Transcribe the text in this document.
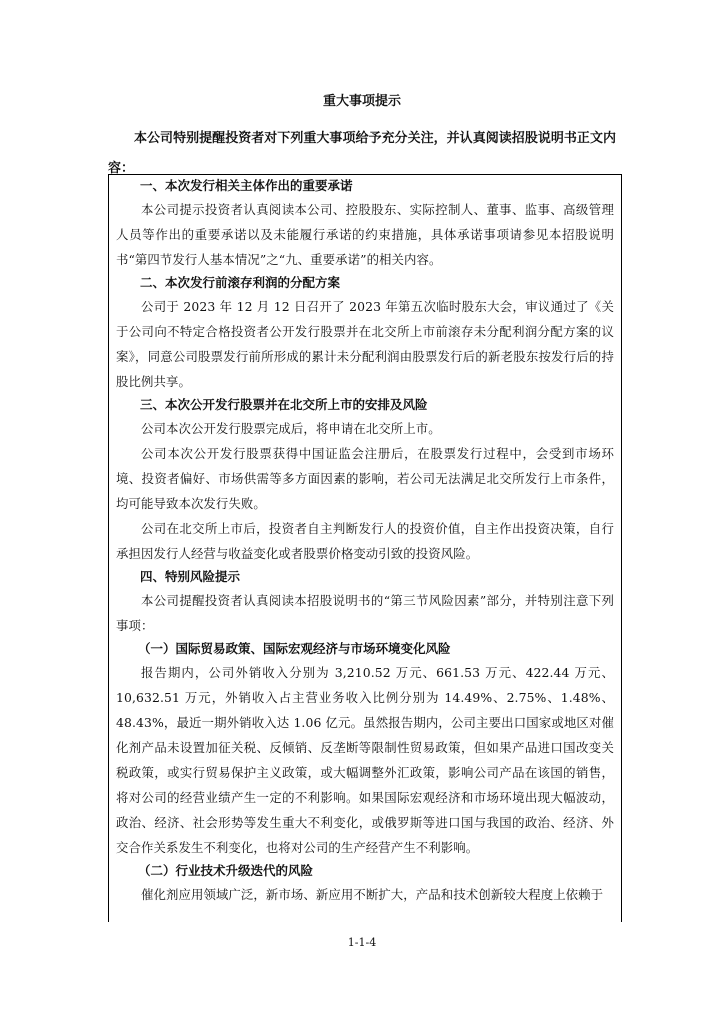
重大事项提示
本公司特别提醒投资者对下列重大事项给予充分关注，并认真阅读招股说明书正文内容：
一、本次发行相关主体作出的重要承诺
本公司提示投资者认真阅读本公司、控股股东、实际控制人、董事、监事、高级管理人员等作出的重要承诺以及未能履行承诺的约束措施，具体承诺事项请参见本招股说明书“第四节发行人基本情况”之“九、重要承诺”的相关内容。
二、本次发行前滚存利润的分配方案
公司于 2023 年 12 月 12 日召开了 2023 年第五次临时股东大会，审议通过了《关于公司向不特定合格投资者公开发行股票并在北交所上市前滚存未分配利润分配方案的议案》，同意公司股票发行前所形成的累计未分配利润由股票发行后的新老股东按发行后的持股比例共享。
三、本次公开发行股票并在北交所上市的安排及风险
公司本次公开发行股票完成后，将申请在北交所上市。
公司本次公开发行股票获得中国证监会注册后，在股票发行过程中，会受到市场环境、投资者偏好、市场供需等多方面因素的影响，若公司无法满足北交所发行上市条件，均可能导致本次发行失败。
公司在北交所上市后，投资者自主判断发行人的投资价值，自主作出投资决策，自行承担因发行人经营与收益变化或者股票价格变动引致的投资风险。
四、特别风险提示
本公司提醒投资者认真阅读本招股说明书的“第三节风险因素”部分，并特别注意下列事项：
（一）国际贸易政策、国际宏观经济与市场环境变化风险
报告期内，公司外销收入分别为 3,210.52 万元、661.53 万元、422.44 万元、10,632.51 万元，外销收入占主营业务收入比例分别为 14.49%、2.75%、1.48%、48.43%，最近一期外销收入达 1.06 亿元。虽然报告期内，公司主要出口国家或地区对催化剂产品未设置加征关税、反倾销、反垄断等限制性贸易政策，但如果产品进口国改变关税政策，或实行贸易保护主义政策，或大幅调整外汇政策，影响公司产品在该国的销售，将对公司的经营业绩产生一定的不利影响。如果国际宏观经济和市场环境出现大幅波动，政治、经济、社会形势等发生重大不利变化，或俄罗斯等进口国与我国的政治、经济、外交合作关系发生不利变化，也将对公司的生产经营产生不利影响。
（二）行业技术升级迭代的风险
催化剂应用领域广泛，新市场、新应用不断扩大，产品和技术创新较大程度上依赖于
1-1-4
